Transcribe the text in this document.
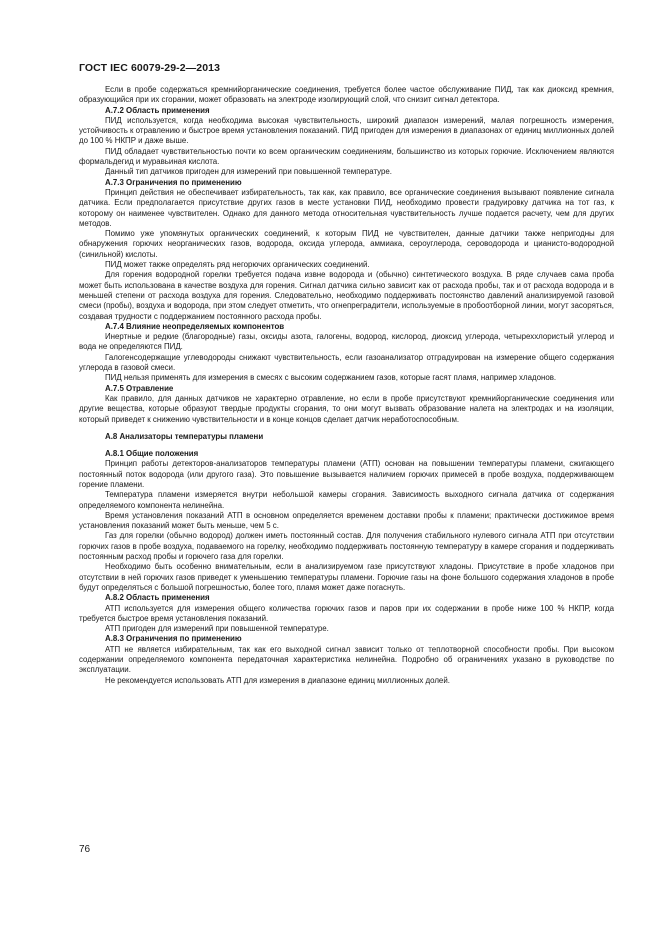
ГОСТ IEC 60079-29-2—2013

Если в пробе содержаться кремнийорганические соединения, требуется более частое обслуживание ПИД, так как диоксид кремния, образующийся при их сгорании, может образовать на электроде изолирующий слой, что снизит сигнал детектора.

А.7.2 Область применения

ПИД используется, когда необходима высокая чувствительность, широкий диапазон измерений, малая погрешность измерения, устойчивость к отравлению и быстрое время установления показаний. ПИД пригоден для измерения в диапазонах от единиц миллионных долей до 100 % НКПР и даже выше.

ПИД обладает чувствительностью почти ко всем органическим соединениям, большинство из которых горючие. Исключением являются формальдегид и муравьиная кислота.

Данный тип датчиков пригоден для измерений при повышенной температуре.

А.7.3 Ограничения по применению

Принцип действия не обеспечивает избирательность, так как, как правило, все органические соединения вызывают появление сигнала датчика. Если предполагается присутствие других газов в месте установки ПИД, необходимо провести градуировку датчика на тот газ, к которому он наименее чувствителен. Однако для данного метода относительная чувствительность лучше подается расчету, чем для других методов.

Помимо уже упомянутых органических соединений, к которым ПИД не чувствителен, данные датчики также непригодны для обнаружения горючих неорганических газов, водорода, оксида углерода, аммиака, сероуглерода, сероводорода и цианисто-водородной (синильной) кислоты.

ПИД может также определять ряд негорючих органических соединений.

Для горения водородной горелки требуется подача извне водорода и (обычно) синтетического воздуха. В ряде случаев сама проба может быть использована в качестве воздуха для горения. Сигнал датчика сильно зависит как от расхода пробы, так и от расхода водорода и в меньшей степени от расхода воздуха для горения. Следовательно, необходимо поддерживать постоянство давлений анализируемой газовой смеси (пробы), воздуха и водорода, при этом следует отметить, что огнепреградители, используемые в пробоотборной линии, могут засоряться, создавая трудности с поддержанием постоянного расхода пробы.

А.7.4 Влияние неопределяемых компонентов

Инертные и редкие (благородные) газы, оксиды азота, галогены, водород, кислород, диоксид углерода, четыреххлористый углерод и вода не определяются ПИД.

Галогенсодержащие углеводороды снижают чувствительность, если газоанализатор отградуирован на измерение общего содержания углерода в газовой смеси.

ПИД нельзя применять для измерения в смесях с высоким содержанием газов, которые гасят пламя, например хладонов.

А.7.5 Отравление

Как правило, для данных датчиков не характерно отравление, но если в пробе присутствуют кремнийорганические соединения или другие вещества, которые образуют твердые продукты сгорания, то они могут вызвать образование налета на электродах и на изоляции, который приведет к снижению чувствительности и в конце концов сделает датчик неработоспособным.

А.8 Анализаторы температуры пламени
А.8.1 Общие положения

Принцип работы детекторов-анализаторов температуры пламени (АТП) основан на повышении температуры пламени, сжигающего постоянный поток водорода (или другого газа). Это повышение вызывается наличием горючих примесей в пробе воздуха, поддерживающем горение пламени.

Температура пламени измеряется внутри небольшой камеры сгорания. Зависимость выходного сигнала датчика от содержания определяемого компонента нелинейна.

Время установления показаний АТП в основном определяется временем доставки пробы к пламени; практически достижимое время установления показаний может быть меньше, чем 5 с.

Газ для горелки (обычно водород) должен иметь постоянный состав. Для получения стабильного нулевого сигнала АТП при отсутствии горючих газов в пробе воздуха, подаваемого на горелку, необходимо поддерживать постоянную температуру в камере сгорания и поддерживать постоянным расход пробы и горючего газа для горелки.

Необходимо быть особенно внимательным, если в анализируемом газе присутствуют хладоны. Присутствие в пробе хладонов при отсутствии в ней горючих газов приведет к уменьшению температуры пламени. Горючие газы на фоне большого содержания хладонов в пробе будут определяться с большой погрешностью, более того, пламя может даже погаснуть.

А.8.2 Область применения

АТП используется для измерения общего количества горючих газов и паров при их содержании в пробе ниже 100 % НКПР, когда требуется быстрое время установления показаний.

АТП пригоден для измерений при повышенной температуре.

А.8.3 Ограничения по применению

АТП не является избирательным, так как его выходной сигнал зависит только от теплотворной способности пробы. При высоком содержании определяемого компонента передаточная характеристика нелинейна. Подробно об ограничениях указано в руководстве по эксплуатации.

Не рекомендуется использовать АТП для измерения в диапазоне единиц миллионных долей.

76
